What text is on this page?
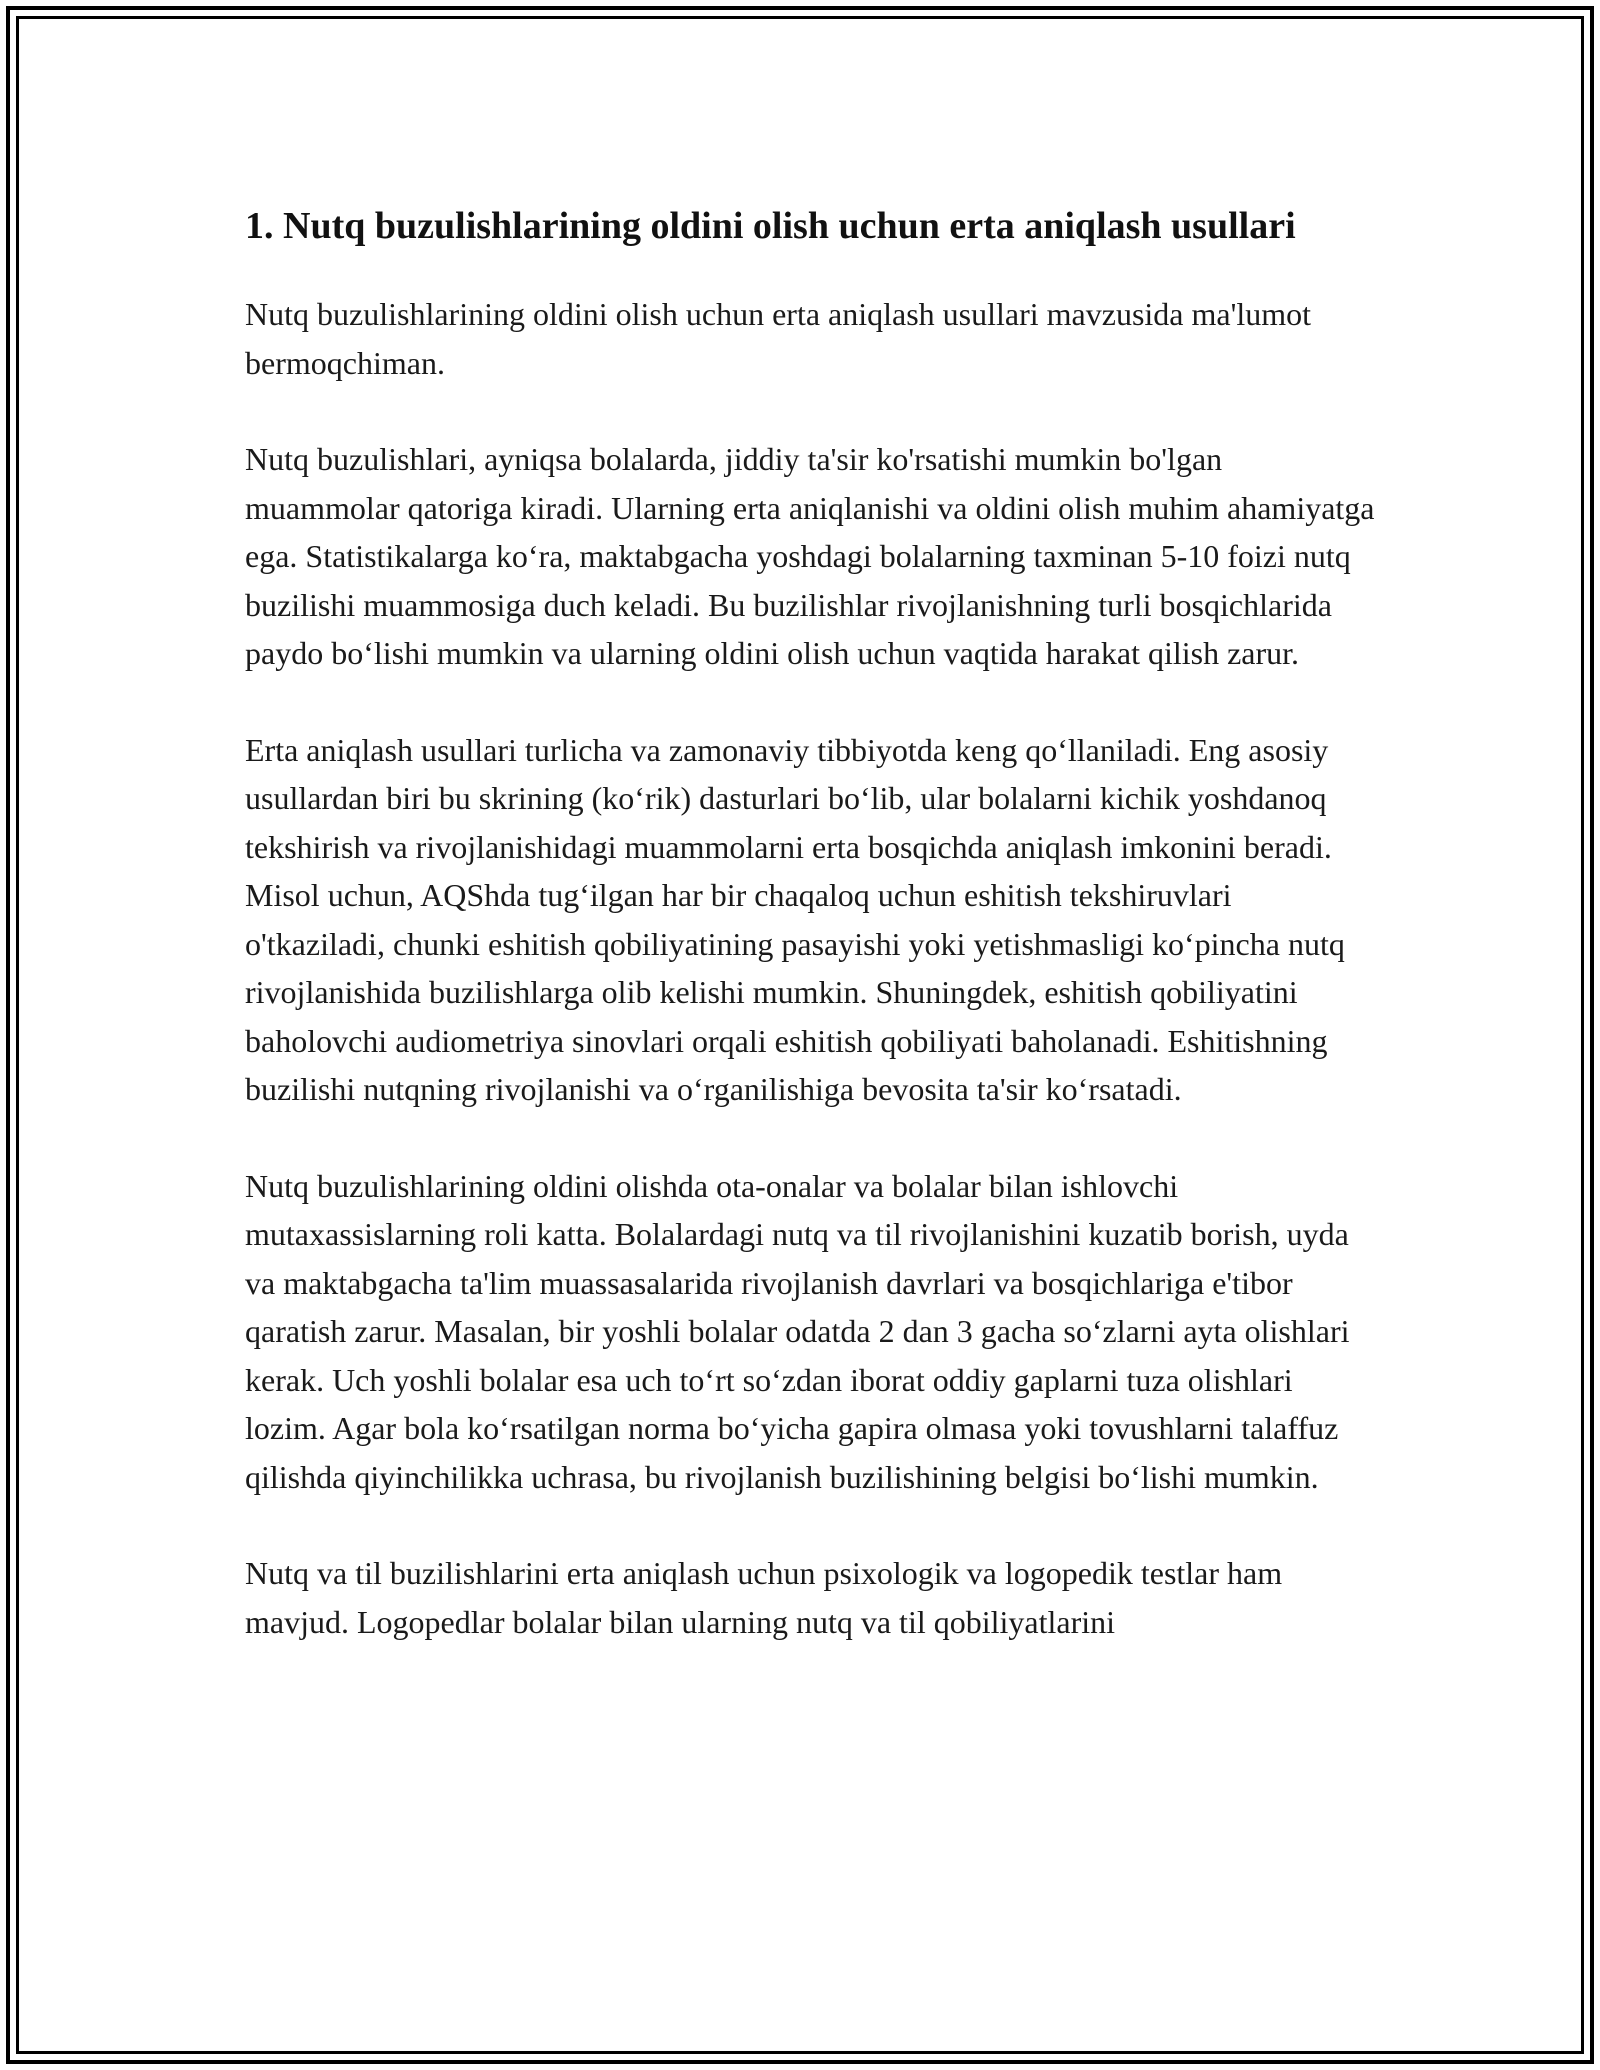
1. Nutq buzulishlarining oldini olish uchun erta aniqlash usullari

Nutq buzulishlarining oldini olish uchun erta aniqlash usullari mavzusida ma'lumot bermoqchiman.

Nutq buzulishlari, ayniqsa bolalarda, jiddiy ta'sir ko'rsatishi mumkin bo'lgan muammolar qatoriga kiradi. Ularning erta aniqlanishi va oldini olish muhim ahamiyatga ega. Statistikalarga ko‘ra, maktabgacha yoshdagi bolalarning taxminan 5-10 foizi nutq buzilishi muammosiga duch keladi. Bu buzilishlar rivojlanishning turli bosqichlarida paydo bo‘lishi mumkin va ularning oldini olish uchun vaqtida harakat qilish zarur.

Erta aniqlash usullari turlicha va zamonaviy tibbiyotda keng qo‘llaniladi. Eng asosiy usullardan biri bu skrining (ko‘rik) dasturlari bo‘lib, ular bolalarni kichik yoshdanoq tekshirish va rivojlanishidagi muammolarni erta bosqichda aniqlash imkonini beradi. Misol uchun, AQShda tug‘ilgan har bir chaqaloq uchun eshitish tekshiruvlari o'tkaziladi, chunki eshitish qobiliyatining pasayishi yoki yetishmasligi ko‘pincha nutq rivojlanishida buzilishlarga olib kelishi mumkin. Shuningdek, eshitish qobiliyatini baholovchi audiometriya sinovlari orqali eshitish qobiliyati baholanadi. Eshitishning buzilishi nutqning rivojlanishi va o‘rganilishiga bevosita ta'sir ko‘rsatadi.

Nutq buzulishlarining oldini olishda ota-onalar va bolalar bilan ishlovchi mutaxassislarning roli katta. Bolalardagi nutq va til rivojlanishini kuzatib borish, uyda va maktabgacha ta'lim muassasalarida rivojlanish davrlari va bosqichlariga e'tibor qaratish zarur. Masalan, bir yoshli bolalar odatda 2 dan 3 gacha so‘zlarni ayta olishlari kerak. Uch yoshli bolalar esa uch to‘rt so‘zdan iborat oddiy gaplarni tuza olishlari lozim. Agar bola ko‘rsatilgan norma bo‘yicha gapira olmasa yoki tovushlarni talaffuz qilishda qiyinchilikka uchrasa, bu rivojlanish buzilishining belgisi bo‘lishi mumkin.

Nutq va til buzilishlarini erta aniqlash uchun psixologik va logopedik testlar ham mavjud. Logopedlar bolalar bilan ularning nutq va til qobiliyatlarini
